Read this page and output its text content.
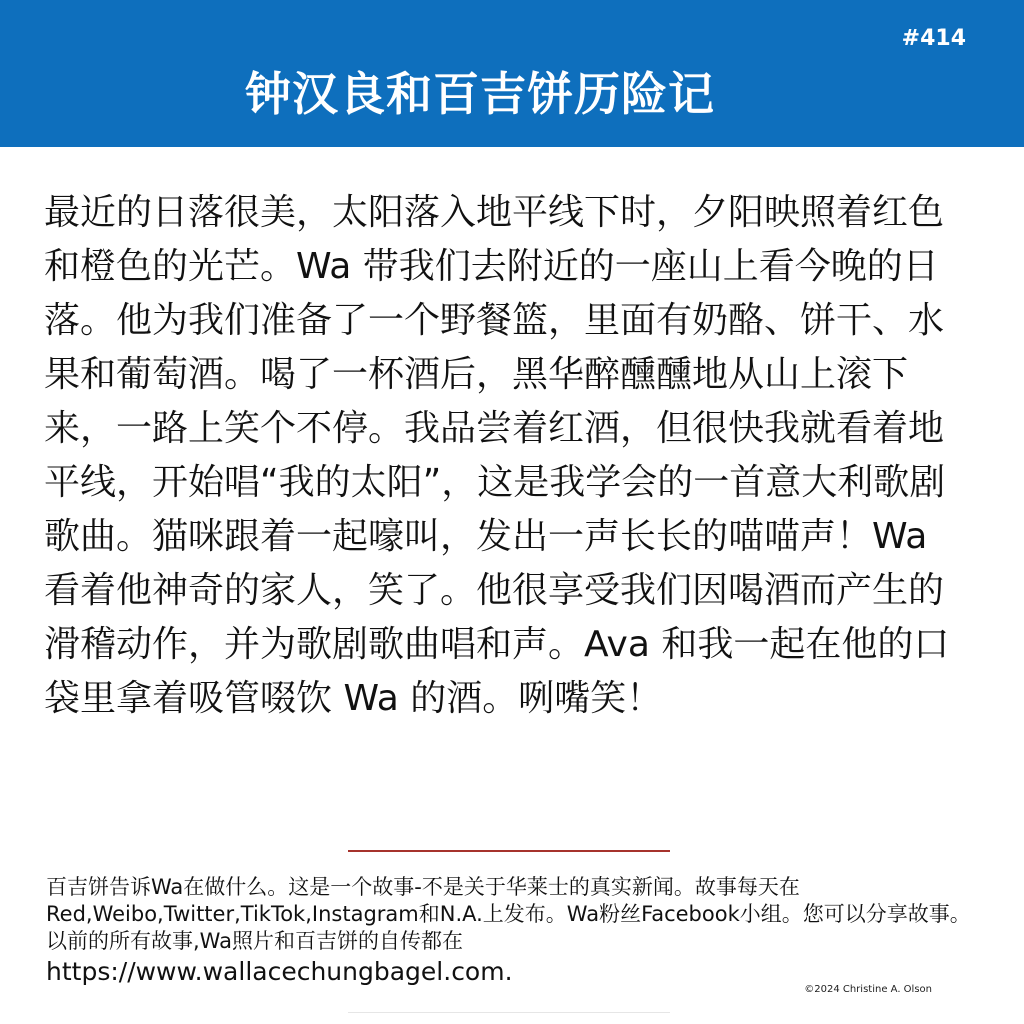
#414
钟汉良和百吉饼历险记

最近的日落很美，太阳落入地平线下时，夕阳映照着红色和橙色的光芒。Wa 带我们去附近的一座山上看今晚的日落。他为我们准备了一个野餐篮，里面有奶酪、饼干、水果和葡萄酒。喝了一杯酒后，黑华醉醺醺地从山上滚下来，一路上笑个不停。我品尝着红酒，但很快我就看着地平线，开始唱“我的太阳”，这是我学会的一首意大利歌剧歌曲。猫咪跟着一起嚎叫，发出一声长长的喵喵声！Wa 看着他神奇的家人，笑了。他很享受我们因喝酒而产生的滑稽动作，并为歌剧歌曲唱和声。Ava 和我一起在他的口袋里拿着吸管啜饮 Wa 的酒。咧嘴笑！

百吉饼告诉Wa在做什么。这是一个故事-不是关于华莱士的真实新闻。故事每天在Red,Weibo,Twitter,TikTok,Instagram和N.A.上发布。Wa粉丝Facebook小组。您可以分享故事。以前的所有故事,Wa照片和百吉饼的自传都在
https://www.wallacechungbagel.com.

©2024 Christine A. Olson
